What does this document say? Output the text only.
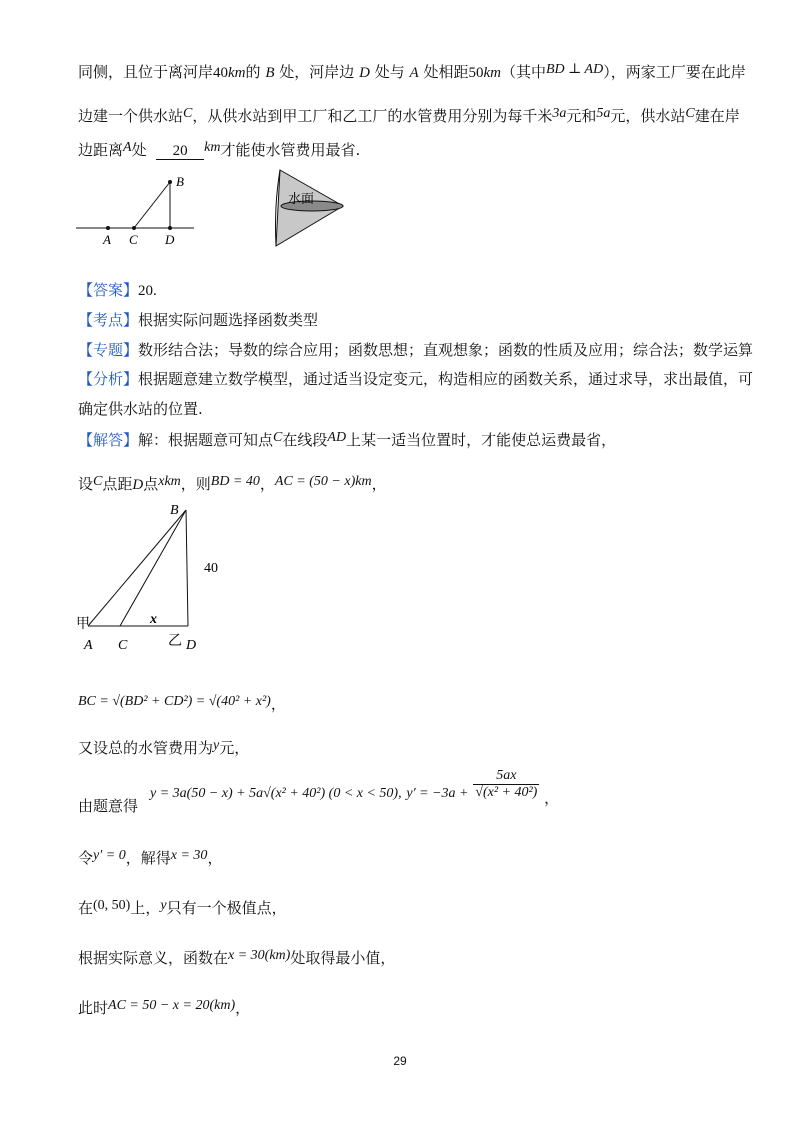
同侧，且位于离河岸40km的 B 处，河岸边 D 处与 A 处相距50km（其中BD ⊥ AD），两家工厂要在此岸
边建一个供水站C，从供水站到甲工厂和乙工厂的水管费用分别为每千米3a元和5a元，供水站C建在岸
边距离A处 20 km才能使水管费用最省.
B
A C D
水面
【答案】20.
【考点】根据实际问题选择函数类型
【专题】数形结合法；导数的综合应用；函数思想；直观想象；函数的性质及应用；综合法；数学运算
【分析】根据题意建立数学模型，通过适当设定变元，构造相应的函数关系，通过求导，求出最值，可
确定供水站的位置.
【解答】解：根据题意可知点C在线段AD上某一适当位置时，才能使总运费最省，
设C点距D点xkm，则BD = 40，AC = (50 − x)km，
B
40
甲	x
A C	乙 D
BC = √(BD² + CD²) = √(40² + x²)，
又设总的水管费用为y元，
由题意得
y = 3a(50 − x) + 5a√(x² + 40²) (0 < x < 50), $y' = -3a + \frac{5ax}{\text{√(x² + 40²)}}$ ，
令y′ = 0，解得x = 30，
在(0, 50)上，y只有一个极值点，
根据实际意义，函数在x = 30(km)处取得最小值，
此时AC = 50 − x = 20(km)，
29
